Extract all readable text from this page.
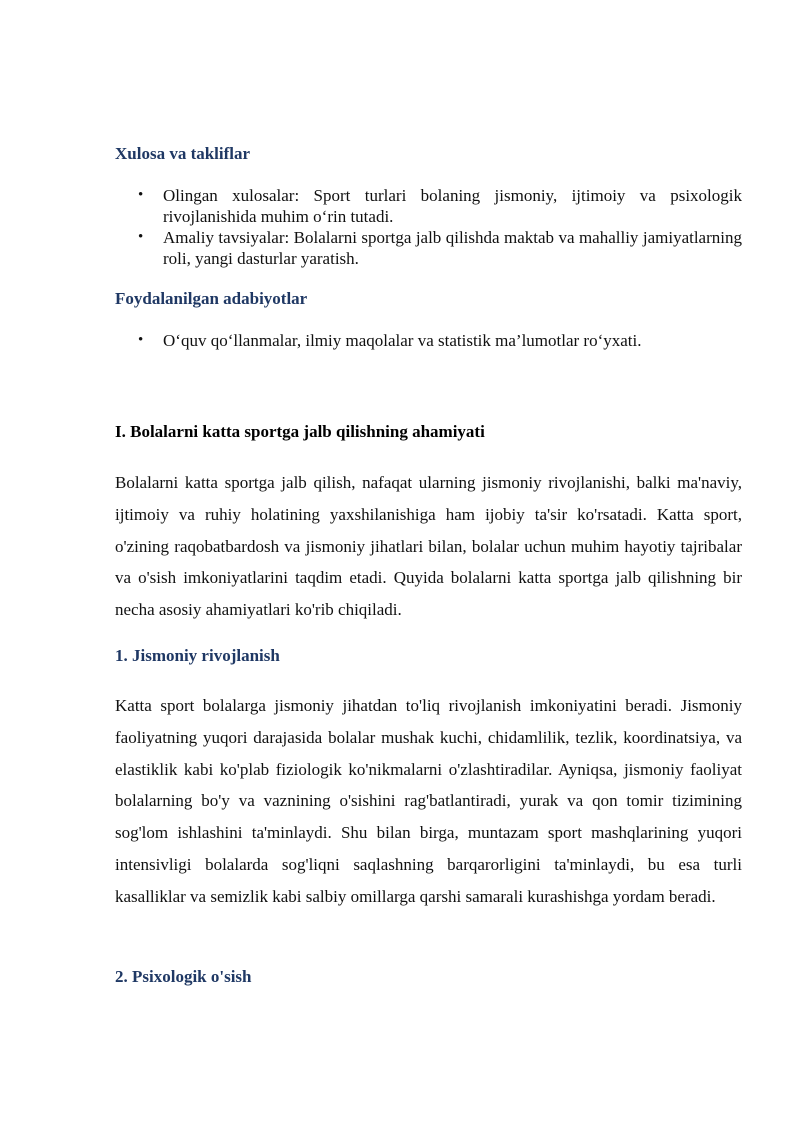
Xulosa va takliflar
• Olingan xulosalar: Sport turlari bolaning jismoniy, ijtimoiy va psixologik rivojlanishida muhim o‘rin tutadi.
• Amaliy tavsiyalar: Bolalarni sportga jalb qilishda maktab va mahalliy jamiyatlarning roli, yangi dasturlar yaratish.
Foydalanilgan adabiyotlar
• O‘quv qo‘llanmalar, ilmiy maqolalar va statistik ma’lumotlar ro‘yxati.
I. Bolalarni katta sportga jalb qilishning ahamiyati

Bolalarni katta sportga jalb qilish, nafaqat ularning jismoniy rivojlanishi, balki ma'naviy, ijtimoiy va ruhiy holatining yaxshilanishiga ham ijobiy ta'sir ko'rsatadi. Katta sport, o'zining raqobatbardosh va jismoniy jihatlari bilan, bolalar uchun muhim hayotiy tajribalar va o'sish imkoniyatlarini taqdim etadi. Quyida bolalarni katta sportga jalb qilishning bir necha asosiy ahamiyatlari ko'rib chiqiladi.

1. Jismoniy rivojlanish

Katta sport bolalarga jismoniy jihatdan to'liq rivojlanish imkoniyatini beradi. Jismoniy faoliyatning yuqori darajasida bolalar mushak kuchi, chidamlilik, tezlik, koordinatsiya, va elastiklik kabi ko'plab fiziologik ko'nikmalarni o'zlashtiradilar. Ayniqsa, jismoniy faoliyat bolalarning bo'y va vaznining o'sishini rag'batlantiradi, yurak va qon tomir tizimining sog'lom ishlashini ta'minlaydi. Shu bilan birga, muntazam sport mashqlarining yuqori intensivligi bolalarda sog'liqni saqlashning barqarorligini ta'minlaydi, bu esa turli kasalliklar va semizlik kabi salbiy omillarga qarshi samarali kurashishga yordam beradi.

2. Psixologik o'sish
